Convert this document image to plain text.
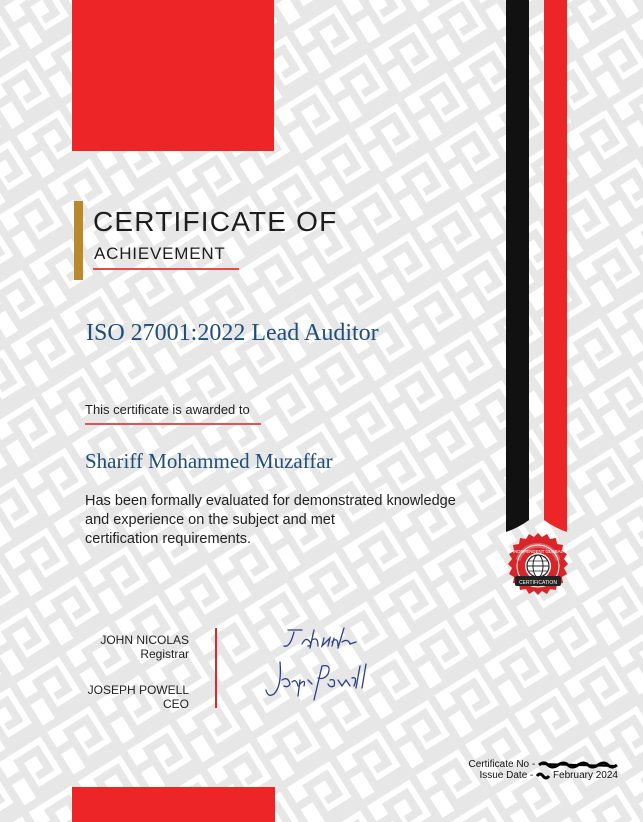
CERTIFICATE OF
ACHIEVEMENT
ISO 27001:2022 Lead Auditor
This certificate is awarded to
Shariff Mohammed Muzaffar
Has been formally evaluated for demonstrated knowledge
and experience on the subject and met
certification requirements.
INDEPENDENT GLOBAL
CERTIFICATION
JOHN NICOLAS
Registrar
JOSEPH POWELL
CEO
Certificate No -
Issue Date -  February 2024
